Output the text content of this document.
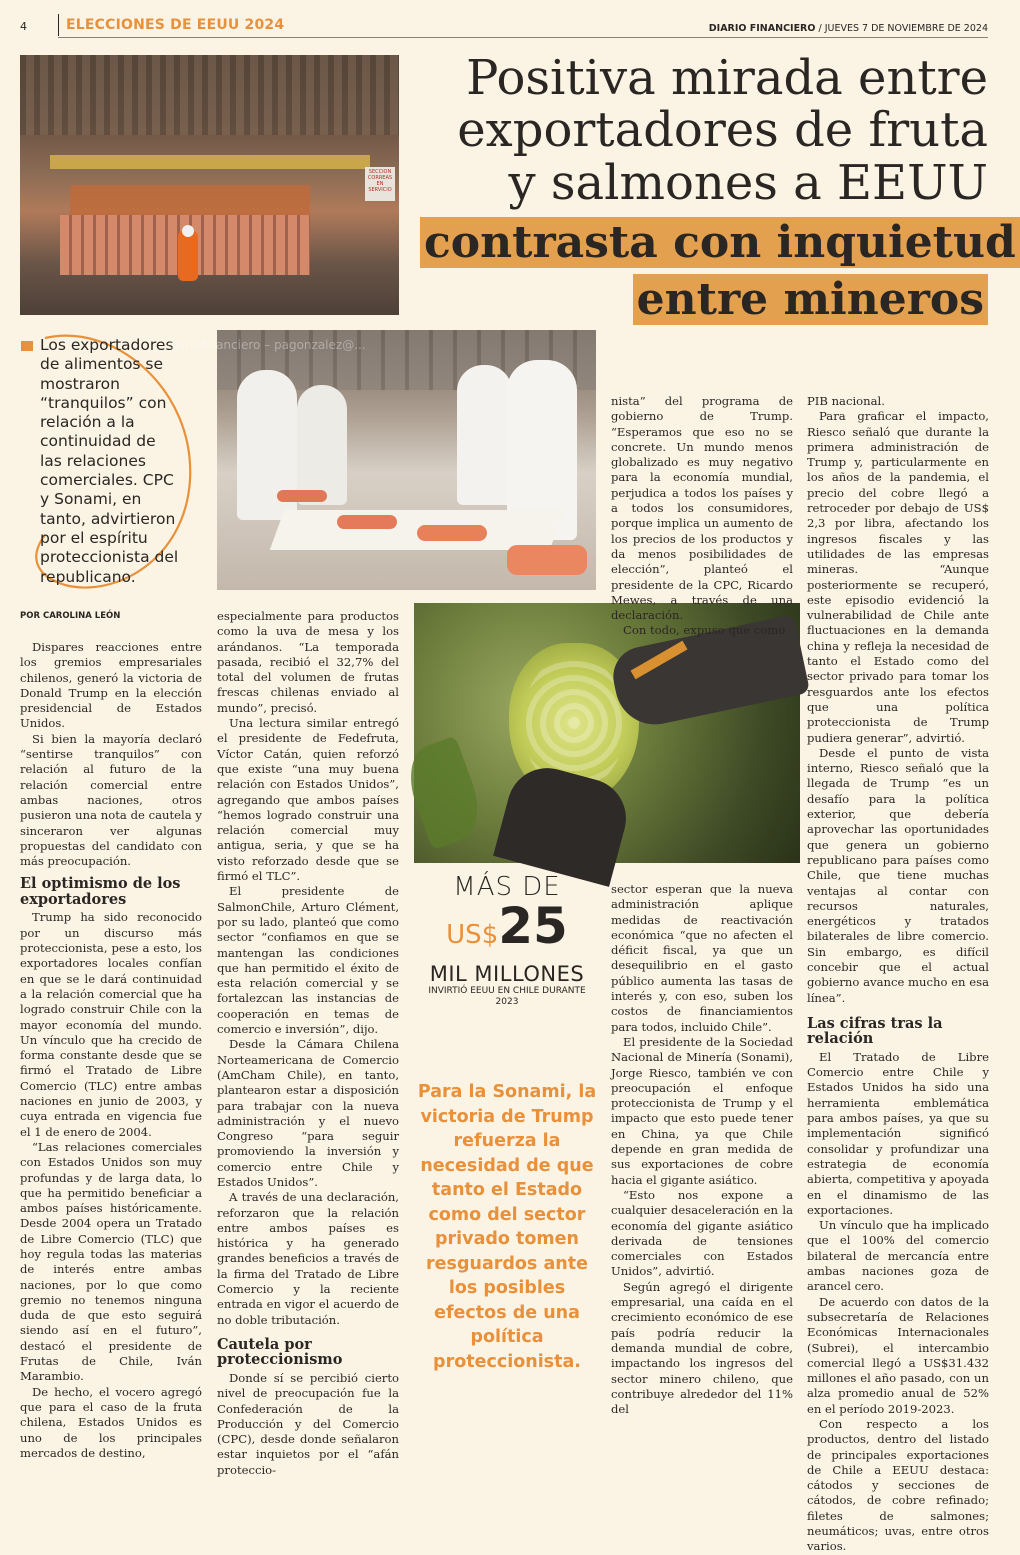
4	ELECCIONES DE EEUU 2024	DIARIO FINANCIERO / JUEVES 7 DE NOVIEMBRE DE 2024
SECCION CORREAS EN SERVICIO
Positiva mirada entre
exportadores de fruta
y salmones a EEUU
contrasta con inquietud
entre mineros
Los exportadores de alimentos se mostraron “tranquilos” con relación a la continuidad de las relaciones comerciales. CPC y Sonami, en tanto, advirtieron por el espíritu proteccionista del republicano.
diariofinanciero – pagonzalez@...
POR CAROLINA LEÓN

Dispares reacciones entre los gremios empresariales chilenos, generó la victoria de Donald Trump en la elección presidencial de Estados Unidos.

Si bien la mayoría declaró “sentirse tranquilos” con relación al futuro de la relación comercial entre ambas naciones, otros pusieron una nota de cautela y sinceraron ver algunas propuestas del candidato con más preocupación.

El optimismo de los exportadores

Trump ha sido reconocido por un discurso más proteccionista, pese a esto, los exportadores locales confían en que se le dará continuidad a la relación comercial que ha logrado construir Chile con la mayor economía del mundo. Un vínculo que ha crecido de forma constante desde que se firmó el Tratado de Libre Comercio (TLC) entre ambas naciones en junio de 2003, y cuya entrada en vigencia fue el 1 de enero de 2004.

“Las relaciones comerciales con Estados Unidos son muy profundas y de larga data, lo que ha permitido beneficiar a ambos países históricamente. Desde 2004 opera un Tratado de Libre Comercio (TLC) que hoy regula todas las materias de interés entre ambas naciones, por lo que como gremio no tenemos ninguna duda de que esto seguirá siendo así en el futuro”, destacó el presidente de Frutas de Chile, Iván Marambio.

De hecho, el vocero agregó que para el caso de la fruta chilena, Estados Unidos es uno de los principales mercados de destino,

especialmente para productos como la uva de mesa y los arándanos. “La temporada pasada, recibió el 32,7% del total del volumen de frutas frescas chilenas enviado al mundo”, precisó.

Una lectura similar entregó el presidente de Fedefruta, Víctor Catán, quien reforzó que existe “una muy buena relación con Estados Unidos”, agregando que ambos países “hemos logrado construir una relación comercial muy antigua, seria, y que se ha visto reforzado desde que se firmó el TLC”.

El presidente de SalmonChile, Arturo Clément, por su lado, planteó que como sector “confiamos en que se mantengan las condiciones que han permitido el éxito de esta relación comercial y se fortalezcan las instancias de cooperación en temas de comercio e inversión”, dijo.

Desde la Cámara Chilena Norteamericana de Comercio (AmCham Chile), en tanto, plantearon estar a disposición para trabajar con la nueva administración y el nuevo Congreso “para seguir promoviendo la inversión y comercio entre Chile y Estados Unidos”.

A través de una declaración, reforzaron que la relación entre ambos países es histórica y ha generado grandes beneficios a través de la firma del Tratado de Libre Comercio y la reciente entrada en vigor el acuerdo de no doble tributación.

Cautela por proteccionismo

Donde sí se percibió cierto nivel de preocupación fue la Confederación de la Producción y del Comercio (CPC), desde donde señalaron estar inquietos por el “afán proteccio-

nista” del programa de gobierno de Trump. “Esperamos que eso no se concrete. Un mundo menos globalizado es muy negativo para la economía mundial, perjudica a todos los países y a todos los consumidores, porque implica un aumento de los precios de los productos y da menos posibilidades de elección”, planteó el presidente de la CPC, Ricardo Mewes, a través de una declaración.

Con todo, expuso que como

MÁS DE
US$25
MIL MILLONES
INVIRTIÓ EEUU EN CHILE DURANTE
2023
Para la Sonami, la victoria de Trump refuerza la necesidad de que tanto el Estado como del sector privado tomen resguardos ante los posibles efectos de una política proteccionista.

sector esperan que la nueva administración aplique medidas de reactivación económica “que no afecten el déficit fiscal, ya que un desequilibrio en el gasto público aumenta las tasas de interés y, con eso, suben los costos de financiamientos para todos, incluido Chile”.

El presidente de la Sociedad Nacional de Minería (Sonami), Jorge Riesco, también ve con preocupación el enfoque proteccionista de Trump y el impacto que esto puede tener en China, ya que Chile depende en gran medida de sus exportaciones de cobre hacia el gigante asiático.

“Esto nos expone a cualquier desaceleración en la economía del gigante asiático derivada de tensiones comerciales con Estados Unidos”, advirtió.

Según agregó el dirigente empresarial, una caída en el crecimiento económico de ese país podría reducir la demanda mundial de cobre, impactando los ingresos del sector minero chileno, que contribuye alrededor del 11% del

PIB nacional.

Para graficar el impacto, Riesco señaló que durante la primera administración de Trump y, particularmente en los años de la pandemia, el precio del cobre llegó a retroceder por debajo de US$ 2,3 por libra, afectando los ingresos fiscales y las utilidades de las empresas mineras. “Aunque posteriormente se recuperó, este episodio evidenció la vulnerabilidad de Chile ante fluctuaciones en la demanda china y refleja la necesidad de tanto el Estado como del sector privado para tomar los resguardos ante los efectos que una política proteccionista de Trump pudiera generar”, advirtió.

Desde el punto de vista interno, Riesco señaló que la llegada de Trump “es un desafío para la política exterior, que debería aprovechar las oportunidades que genera un gobierno republicano para países como Chile, que tiene muchas ventajas al contar con recursos naturales, energéticos y tratados bilaterales de libre comercio. Sin embargo, es difícil concebir que el actual gobierno avance mucho en esa línea”.

Las cifras tras la relación

El Tratado de Libre Comercio entre Chile y Estados Unidos ha sido una herramienta emblemática para ambos países, ya que su implementación significó consolidar y profundizar una estrategia de economía abierta, competitiva y apoyada en el dinamismo de las exportaciones.

Un vínculo que ha implicado que el 100% del comercio bilateral de mercancía entre ambas naciones goza de arancel cero.

De acuerdo con datos de la subsecretaría de Relaciones Económicas Internacionales (Subrei), el intercambio comercial llegó a US$31.432 millones el año pasado, con un alza promedio anual de 52% en el período 2019-2023.

Con respecto a los productos, dentro del listado de principales exportaciones de Chile a EEUU destaca: cátodos y secciones de cátodos, de cobre refinado; filetes de salmones; neumáticos; uvas, entre otros varios.
